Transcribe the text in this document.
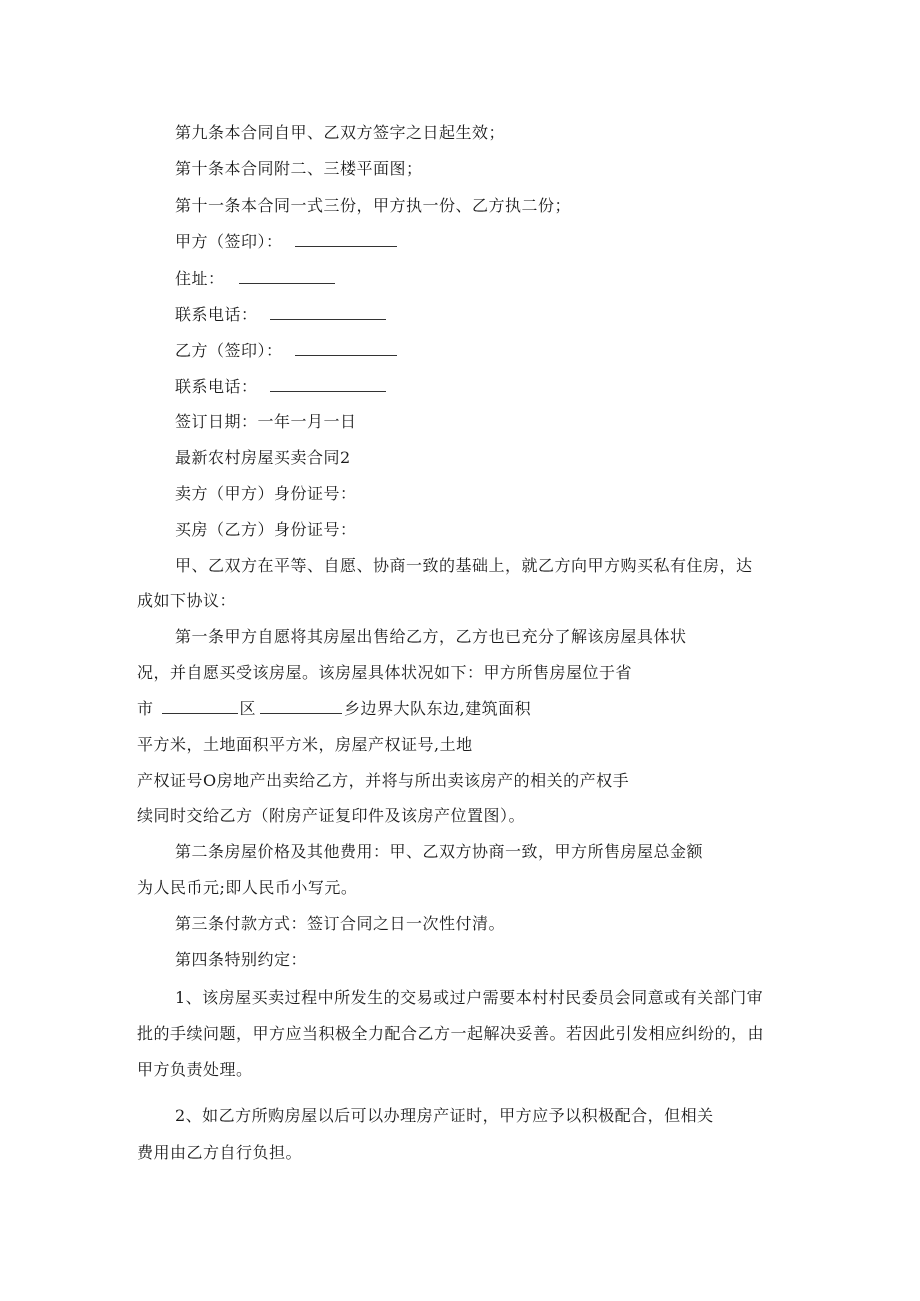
第九条本合同自甲、乙双方签字之日起生效；
第十条本合同附二、三楼平面图；
第十一条本合同一式三份，甲方执一份、乙方执二份；
甲方（签印）：
住址：
联系电话：
乙方（签印）：
联系电话：
签订日期：一年一月一日
最新农村房屋买卖合同2
卖方（甲方）身份证号：
买房（乙方）身份证号：
甲、乙双方在平等、自愿、协商一致的基础上，就乙方向甲方购买私有住房，达
成如下协议：
第一条甲方自愿将其房屋出售给乙方，乙方也已充分了解该房屋具体状
况，并自愿买受该房屋。该房屋具体状况如下：甲方所售房屋位于省
市	区	乡边界大队东边,建筑面积
平方米，土地面积平方米，房屋产权证号,土地
产权证号O房地产出卖给乙方，并将与所出卖该房产的相关的产权手
续同时交给乙方（附房产证复印件及该房产位置图）。
第二条房屋价格及其他费用：甲、乙双方协商一致，甲方所售房屋总金额
为人民币元;即人民币小写元。
第三条付款方式：签订合同之日一次性付清。
第四条特别约定：
1、该房屋买卖过程中所发生的交易或过户需要本村村民委员会同意或有关部门审
批的手续问题，甲方应当积极全力配合乙方一起解决妥善。若因此引发相应纠纷的，由
甲方负责处理。
2、如乙方所购房屋以后可以办理房产证时，甲方应予以积极配合，但相关
费用由乙方自行负担。
